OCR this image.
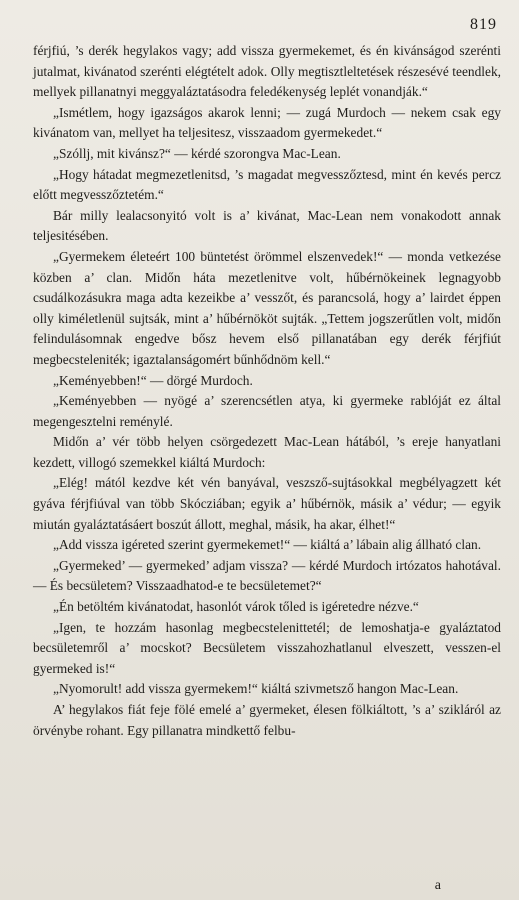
819

férjfiú, ’s derék hegylakos vagy; add vissza gyermekemet, és én kivánságod szerénti jutalmat, kivánatod szerénti elégtételt adok. Olly megtisztleltetések részesévé teendlek, mellyek pillanatnyi meggyaláztatásodra feledékenység leplét vonandják.“

„Ismétlem, hogy igazságos akarok lenni; — zugá Murdoch — nekem csak egy kivánatom van, mellyet ha teljesitesz, visszaadom gyermekedet.“

„Szóllj, mit kivánsz?“ — kérdé szorongva Mac-Lean.

„Hogy hátadat megmezetlenitsd, ’s magadat megvesszőztesd, mint én kevés percz előtt megvesszőztetém.“

Bár milly lealacsonyitó volt is a’ kivánat, Mac-Lean nem vonakodott annak teljesitésében.

„Gyermekem életeért 100 büntetést örömmel elszenvedek!“ — monda vetkezése közben a’ clan. Midőn háta mezetlenitve volt, hűbérnökeinek legnagyobb csudálkozásukra maga adta kezeikbe a’ vesszőt, és parancsolá, hogy a’ lairdet éppen olly kiméletlenül sujtsák, mint a’ hűbérnököt sujták. „Tettem jogszerűtlen volt, midőn felindulásomnak engedve bősz hevem első pillanatában egy derék férjfiút megbecsteleniték; igaztalanságomért bűnhődnöm kell.“

„Keményebben!“ — dörgé Murdoch.

„Keményebben — nyögé a’ szerencsétlen atya, ki gyermeke rablóját ez által megengesztelni reménylé.

Midőn a’ vér több helyen csörgedezett Mac-Lean hátából, ’s ereje hanyatlani kezdett, villogó szemekkel kiáltá Murdoch:

„Elég! mától kezdve két vén banyával, veszsző-sujtásokkal megbélyagzett két gyáva férjfiúval van több Skócziában; egyik a’ hűbérnök, másik a’ védur; — egyik miután gyaláztatásáert boszút állott, meghal, másik, ha akar, élhet!“

„Add vissza igéreted szerint gyermekemet!“ — kiáltá a’ lábain alig állható clan.

„Gyermeked’ — gyermeked’ adjam vissza? — kérdé Murdoch irtózatos hahotával. — És becsületem? Visszaadhatod-e te becsületemet?“

„Én betöltém kivánatodat, hasonlót várok tőled is igéretedre nézve.“

„Igen, te hozzám hasonlag megbecstelenittetél; de lemoshatja-e gyaláztatod becsületemről a’ mocskot? Becsületem visszahozhatlanul elveszett, vesszen-el gyermeked is!“

„Nyomorult! add vissza gyermekem!“ kiáltá szivmetsző hangon Mac-Lean.

A’ hegylakos fiát feje fölé emelé a’ gyermeket, élesen fölkiáltott, ’s a’ szikláról az örvénybe rohant. Egy pillanatra mindkettő felbu-

a
